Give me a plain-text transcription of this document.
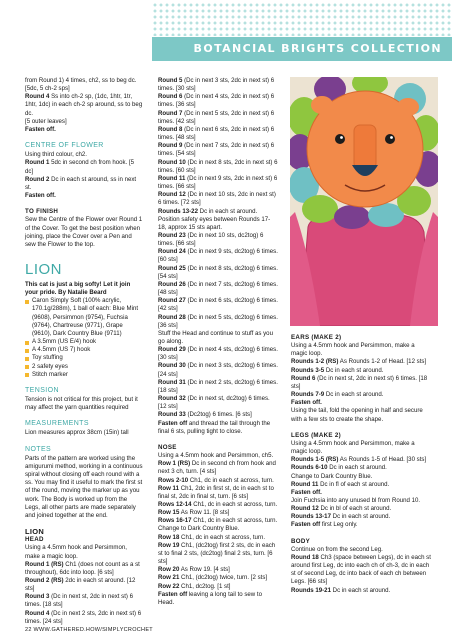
BOTANCIAL BRIGHTS COLLECTION

from Round 1) 4 times, ch2, ss to beg dc.

[5dc, 5 ch-2 sps]

Round 4 Ss into ch-2 sp, (1dc, 1htr, 1tr, 1htr, 1dc) in each ch-2 sp around, ss to beg dc.

[5 outer leaves]

Fasten off.

CENTRE OF FLOWER

Using third colour, ch2.

Round 1 5dc in second ch from hook. [5 dc]

Round 2 Dc in each st around, ss in next st.

Fasten off.

TO FINISH

Sew the Centre of the Flower over Round 1 of the Cover. To get the best position when joining, place the Cover over a Pen and sew the Flower to the top.

LION

This cat is just a big softy! Let it join your pride. By Natalie Beard

Caron Simply Soft (100% acrylic, 170.1g/288m), 1 ball of each: Blue Mint (9608), Persimmon (9754), Fuchsia (9764), Chartreuse (9771), Grape (9610), Dark Country Blue (9711)
A 3.5mm (US E/4) hook
A 4.5mm (US 7) hook
Toy stuffing
2 safety eyes
Stitch marker

TENSION

Tension is not critical for this project, but it may affect the yarn quantities required

MEASUREMENTS

Lion measures approx 38cm (15in) tall

NOTES

Parts of the pattern are worked using the amigurumi method, working in a continuous spiral without closing off each round with a ss. You may find it useful to mark the first st of the round, moving the marker up as you work. The Body is worked up from the Legs, all other parts are made separately and joined together at the end.

LION

HEAD

Using a 4.5mm hook and Persimmon, make a magic loop.

Round 1 (RS) Ch1 (does not count as a st throughout), 6dc into loop. [6 sts]

Round 2 (RS) 2dc in each st around. [12 sts]

Round 3 (Dc in next st, 2dc in next st) 6 times. [18 sts]

Round 4 (Dc in next 2 sts, 2dc in next st) 6 times. [24 sts]

Round 5 (Dc in next 3 sts, 2dc in next st) 6 times. [30 sts]

Round 6 (Dc in next 4 sts, 2dc in next st) 6 times. [36 sts]

Round 7 (Dc in next 5 sts, 2dc in next st) 6 times. [42 sts]

Round 8 (Dc in next 6 sts, 2dc in next st) 6 times. [48 sts]

Round 9 (Dc in next 7 sts, 2dc in next st) 6 times. [54 sts]

Round 10 (Dc in next 8 sts, 2dc in next st) 6 times. [60 sts]

Round 11 (Dc in next 9 sts, 2dc in next st) 6 times. [66 sts]

Round 12 (Dc in next 10 sts, 2dc in next st) 6 times. [72 sts]

Rounds 13-22 Dc in each st around.

Position safety eyes between Rounds 17-18, approx 15 sts apart.

Round 23 (Dc in next 10 sts, dc2tog) 6 times. [66 sts]

Round 24 (Dc in next 9 sts, dc2tog) 6 times. [60 sts]

Round 25 (Dc in next 8 sts, dc2tog) 6 times. [54 sts]

Round 26 (Dc in next 7 sts, dc2tog) 6 times. [48 sts]

Round 27 (Dc in next 6 sts, dc2tog) 6 times. [42 sts]

Round 28 (Dc in next 5 sts, dc2tog) 6 times. [36 sts]

Stuff the Head and continue to stuff as you go along.

Round 29 (Dc in next 4 sts, dc2tog) 6 times. [30 sts]

Round 30 (Dc in next 3 sts, dc2tog) 6 times. [24 sts]

Round 31 (Dc in next 2 sts, dc2tog) 6 times. [18 sts]

Round 32 (Dc in next st, dc2tog) 6 times. [12 sts]

Round 33 (Dc2tog) 6 times. [6 sts]

Fasten off and thread the tail through the final 6 sts, pulling tight to close.

NOSE

Using a 4.5mm hook and Persimmon, ch5.

Row 1 (RS) Dc in second ch from hook and next 3 ch, turn. [4 sts]

Rows 2-10 Ch1, dc in each st across, turn.

Row 11 Ch1, 2dc in first st, dc in each st to final st, 2dc in final st, turn. [6 sts]

Rows 12-14 Ch1, dc in each st across, turn.

Row 15 As Row 11. [8 sts]

Rows 16-17 Ch1, dc in each st across, turn. Change to Dark Country Blue.

Row 18 Ch1, dc in each st across, turn.

Row 19 Ch1, (dc2tog) first 2 sts, dc in each st to final 2 sts, (dc2tog) final 2 sts, turn. [6 sts]

Row 20 As Row 19. [4 sts]

Row 21 Ch1, (dc2tog) twice, turn. [2 sts]

Row 22 Ch1, dc2tog. [1 st]

Fasten off leaving a long tail to sew to Head.

EARS (MAKE 2)

Using a 4.5mm hook and Persimmon, make a magic loop.

Rounds 1-2 (RS) As Rounds 1-2 of Head. [12 sts]

Rounds 3-5 Dc in each st around.

Round 6 (Dc in next st, 2dc in next st) 6 times. [18 sts]

Rounds 7-9 Dc in each st around.

Fasten off.

Using the tail, fold the opening in half and secure with a few sts to create the shape.

LEGS (MAKE 2)

Using a 4.5mm hook and Persimmon, make a magic loop.

Rounds 1-5 (RS) As Rounds 1-5 of Head. [30 sts]

Rounds 6-10 Dc in each st around.

Change to Dark Country Blue.

Round 11 Dc in fl of each st around.

Fasten off.

Join Fuchsia into any unused bl from Round 10.

Round 12 Dc in bl of each st around.

Rounds 13-17 Dc in each st around.

Fasten off first Leg only.

BODY

Continue on from the second Leg.

Round 18 Ch3 (space between Legs), dc in each st around first Leg, dc into each ch of ch-3, dc in each st of second Leg, dc into back of each ch between Legs. [66 sts]

Rounds 19-21 Dc in each st around.

22 WWW.GATHERED.HOW/SIMPLYCROCHET
